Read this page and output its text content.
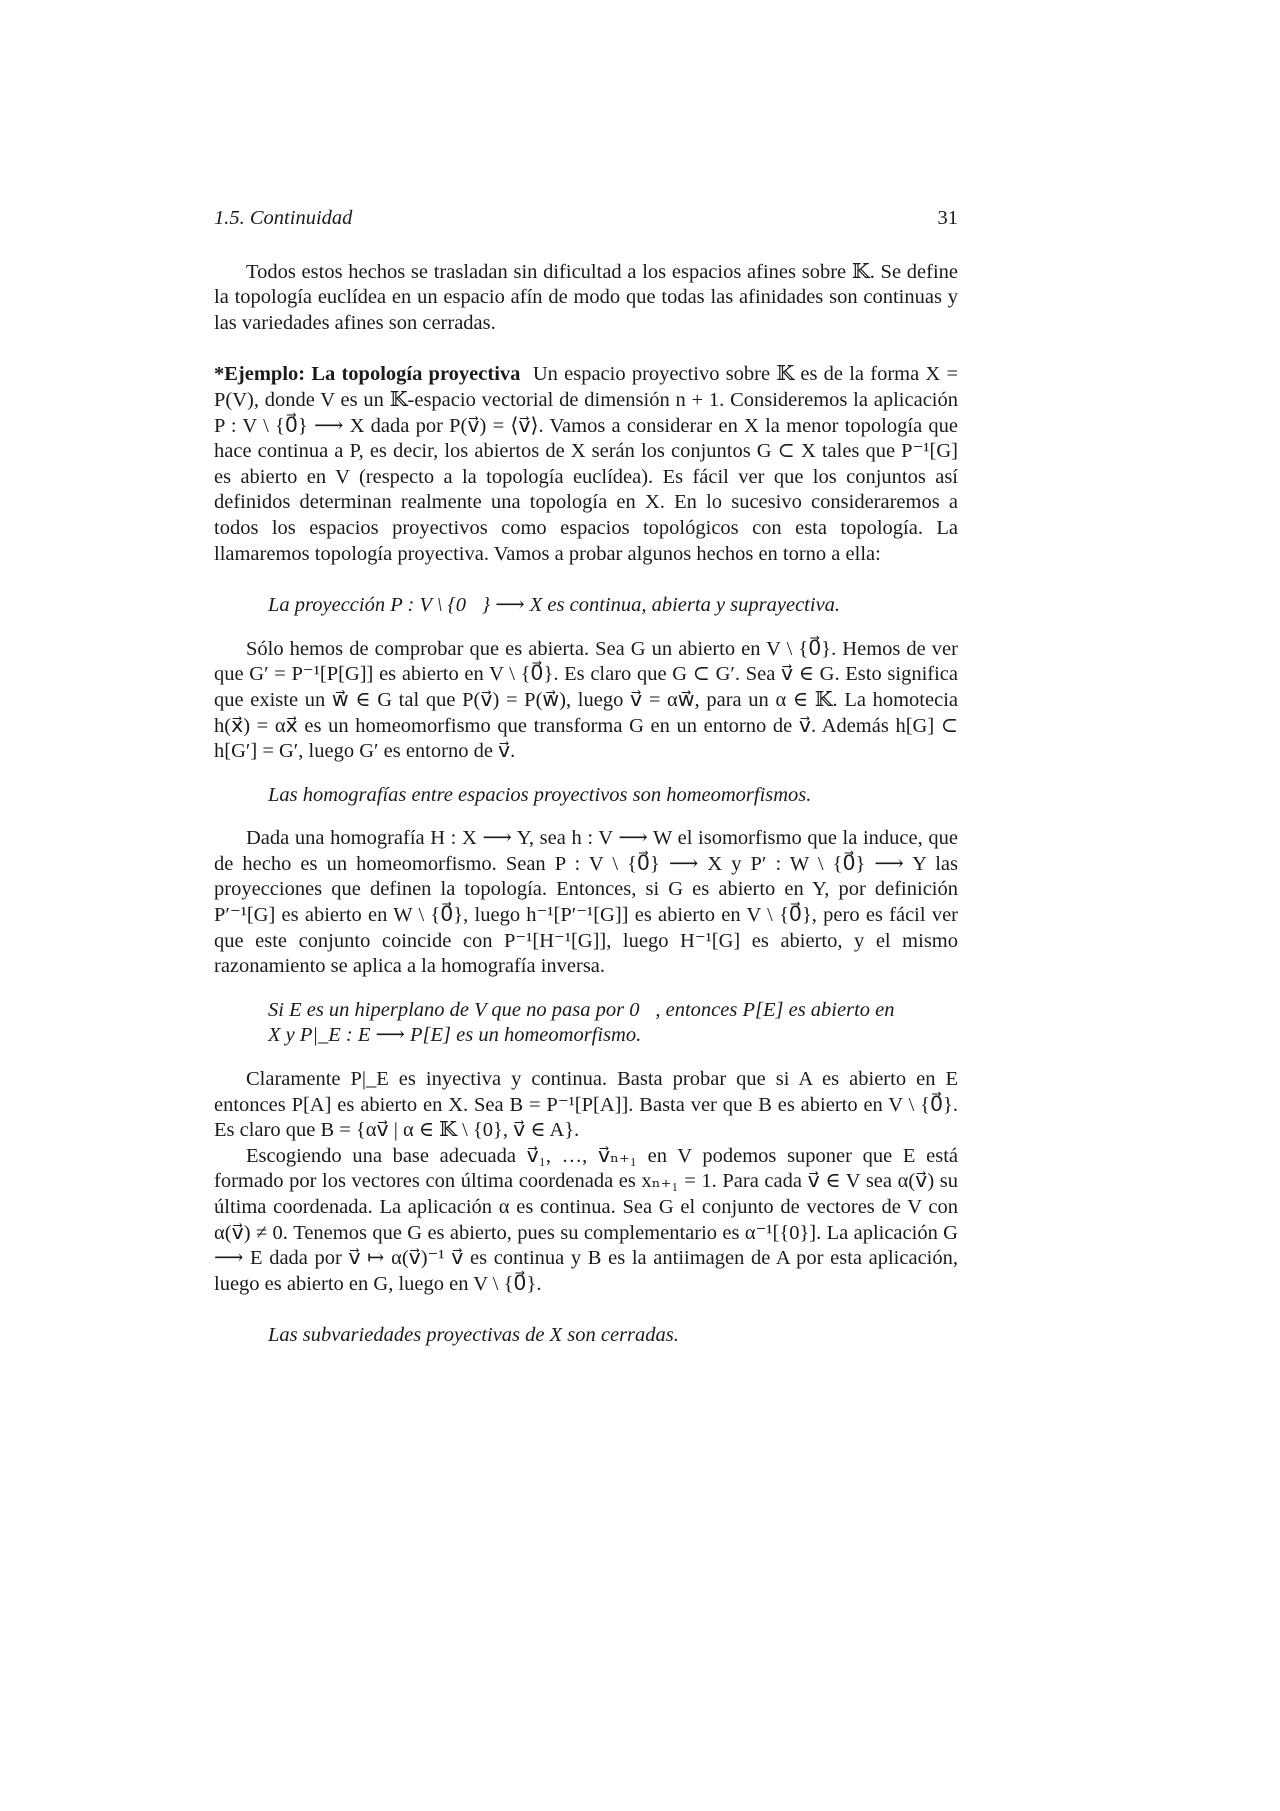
1.5. Continuidad	31

Todos estos hechos se trasladan sin dificultad a los espacios afines sobre 𝕂. Se define la topología euclídea en un espacio afín de modo que todas las afinidades son continuas y las variedades afines son cerradas.

*Ejemplo: La topología proyectiva Un espacio proyectivo sobre 𝕂 es de la forma X = P(V), donde V es un 𝕂-espacio vectorial de dimensión n + 1. Consideremos la aplicación P : V \ {0⃗} ⟶ X dada por P(v⃗) = ⟨v⃗⟩. Vamos a considerar en X la menor topología que hace continua a P, es decir, los abiertos de X serán los conjuntos G ⊂ X tales que P⁻¹[G] es abierto en V (respecto a la topología euclídea). Es fácil ver que los conjuntos así definidos determinan realmente una topología en X. En lo sucesivo consideraremos a todos los espacios proyectivos como espacios topológicos con esta topología. La llamaremos topología proyectiva. Vamos a probar algunos hechos en torno a ella:

La proyección P : V \ {0⃗} ⟶ X es continua, abierta y suprayectiva.

Sólo hemos de comprobar que es abierta. Sea G un abierto en V \ {0⃗}. Hemos de ver que G′ = P⁻¹[P[G]] es abierto en V \ {0⃗}. Es claro que G ⊂ G′. Sea v⃗ ∈ G. Esto significa que existe un w⃗ ∈ G tal que P(v⃗) = P(w⃗), luego v⃗ = αw⃗, para un α ∈ 𝕂. La homotecia h(x⃗) = αx⃗ es un homeomorfismo que transforma G en un entorno de v⃗. Además h[G] ⊂ h[G′] = G′, luego G′ es entorno de v⃗.

Las homografías entre espacios proyectivos son homeomorfismos.

Dada una homografía H : X ⟶ Y, sea h : V ⟶ W el isomorfismo que la induce, que de hecho es un homeomorfismo. Sean P : V \ {0⃗} ⟶ X y P′ : W \ {0⃗} ⟶ Y las proyecciones que definen la topología. Entonces, si G es abierto en Y, por definición P′⁻¹[G] es abierto en W \ {0⃗}, luego h⁻¹[P′⁻¹[G]] es abierto en V \ {0⃗}, pero es fácil ver que este conjunto coincide con P⁻¹[H⁻¹[G]], luego H⁻¹[G] es abierto, y el mismo razonamiento se aplica a la homografía inversa.

Si E es un hiperplano de V que no pasa por 0⃗, entonces P[E] es abierto en X y P|_E : E ⟶ P[E] es un homeomorfismo.

Claramente P|_E es inyectiva y continua. Basta probar que si A es abierto en E entonces P[A] es abierto en X. Sea B = P⁻¹[P[A]]. Basta ver que B es abierto en V \ {0⃗}. Es claro que B = {αv⃗ | α ∈ 𝕂 \ {0}, v⃗ ∈ A}.

Escogiendo una base adecuada v⃗₁, …, v⃗ₙ₊₁ en V podemos suponer que E está formado por los vectores con última coordenada es xₙ₊₁ = 1. Para cada v⃗ ∈ V sea α(v⃗) su última coordenada. La aplicación α es continua. Sea G el conjunto de vectores de V con α(v⃗) ≠ 0. Tenemos que G es abierto, pues su complementario es α⁻¹[{0}]. La aplicación G ⟶ E dada por v⃗ ↦ α(v⃗)⁻¹ v⃗ es continua y B es la antiimagen de A por esta aplicación, luego es abierto en G, luego en V \ {0⃗}.

Las subvariedades proyectivas de X son cerradas.
